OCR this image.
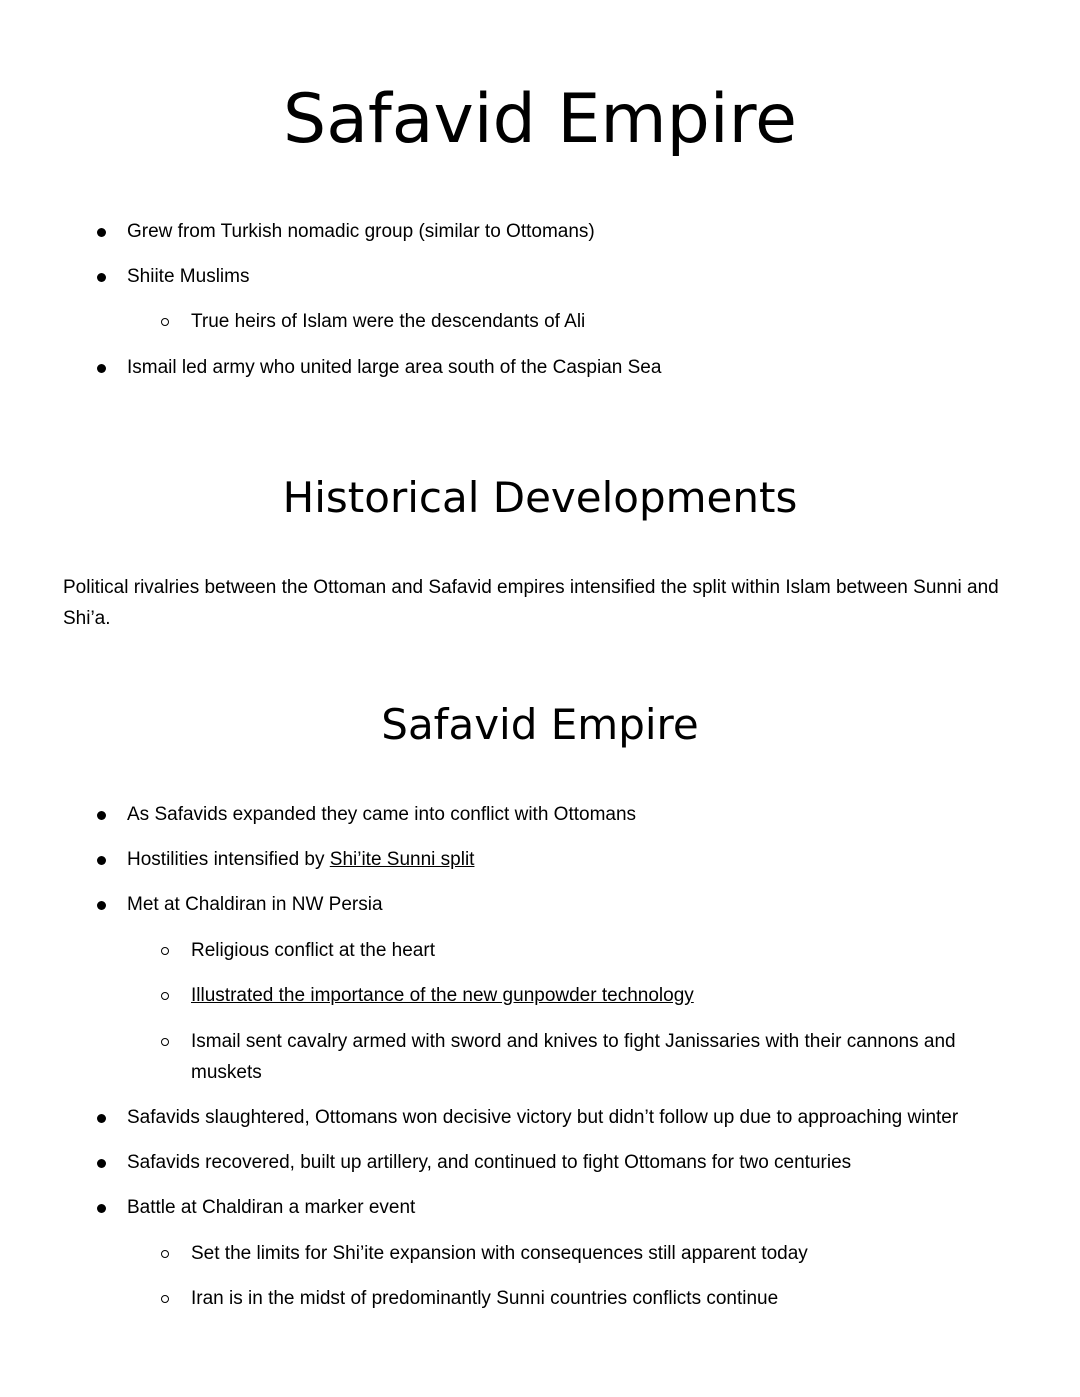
Safavid Empire
Grew from Turkish nomadic group (similar to Ottomans)
Shiite Muslims
True heirs of Islam were the descendants of Ali
Ismail led army who united large area south of the Caspian Sea
Historical Developments
Political rivalries between the Ottoman and Safavid empires intensified the split within Islam between Sunni and Shi’a.
Safavid Empire
As Safavids expanded they came into conflict with Ottomans
Hostilities intensified by Shi’ite Sunni split
Met at Chaldiran in NW Persia
Religious conflict at the heart
Illustrated the importance of the new gunpowder technology
Ismail sent cavalry armed with sword and knives to fight Janissaries with their cannons and muskets
Safavids slaughtered, Ottomans won decisive victory but didn’t follow up due to approaching winter
Safavids recovered, built up artillery, and continued to fight Ottomans for two centuries
Battle at Chaldiran a marker event
Set the limits for Shi’ite expansion with consequences still apparent today
Iran is in the midst of predominantly Sunni countries conflicts continue
